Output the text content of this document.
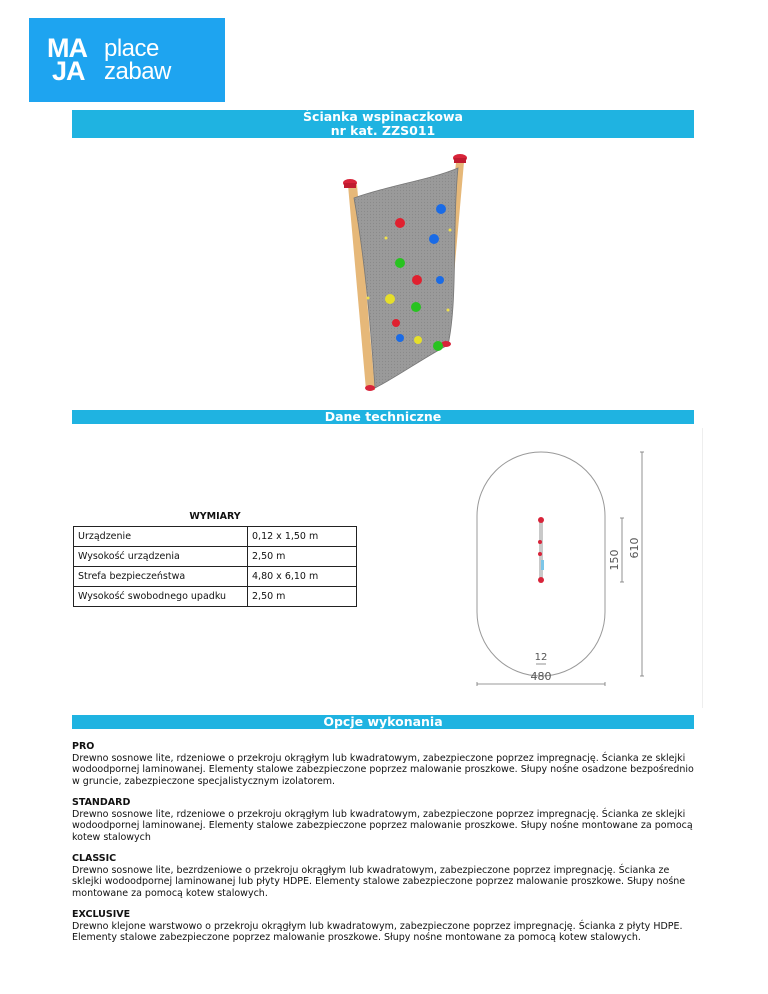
MA
JA
place
zabaw
Ścianka wspinaczkowa
nr kat. ZZS011
Dane techniczne
WYMIARY	
Urządzenie	0,12 x 1,50 m
Wysokość urządzenia	2,50 m
Strefa bezpieczeństwa	4,80 x 6,10 m
Wysokość swobodnego upadku	2,50 m
150
610
12
480
Opcje wykonania
PRO

Drewno sosnowe lite, rdzeniowe o przekroju okrągłym lub kwadratowym, zabezpieczone poprzez impregnację. Ścianka ze sklejki wodoodpornej laminowanej. Elementy stalowe zabezpieczone poprzez malowanie proszkowe. Słupy nośne osadzone bezpośrednio w gruncie, zabezpieczone specjalistycznym izolatorem.

STANDARD

Drewno sosnowe lite, rdzeniowe o przekroju okrągłym lub kwadratowym, zabezpieczone poprzez impregnację. Ścianka ze sklejki wodoodpornej laminowanej. Elementy stalowe zabezpieczone poprzez malowanie proszkowe. Słupy nośne montowane za pomocą kotew stalowych

CLASSIC

Drewno sosnowe lite, bezrdzeniowe o przekroju okrągłym lub kwadratowym, zabezpieczone poprzez impregnację. Ścianka ze sklejki wodoodpornej laminowanej lub płyty HDPE. Elementy stalowe zabezpieczone poprzez malowanie proszkowe. Słupy nośne montowane za pomocą kotew stalowych.

EXCLUSIVE

Drewno klejone warstwowo o przekroju okrągłym lub kwadratowym, zabezpieczone poprzez impregnację. Ścianka z płyty HDPE. Elementy stalowe zabezpieczone poprzez malowanie proszkowe. Słupy nośne montowane za pomocą kotew stalowych.
